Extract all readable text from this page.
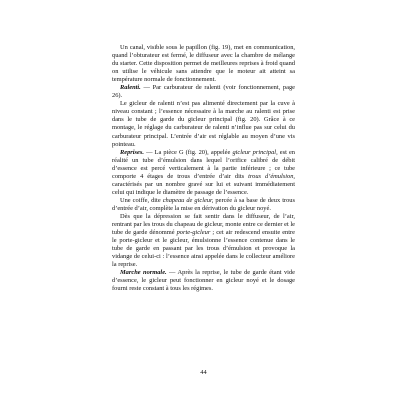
Un canal, visible sous le papillon (fig. 19), met en communication, quand l’obturateur est fermé, le diffuseur avec la chambre de mélange du starter. Cette disposition permet de meilleures reprises à froid quand on utilise le véhicule sans attendre que le moteur ait atteint sa température normale de fonctionnement.

Ralenti. — Par carburateur de ralenti (voir fonctionnement, page 26).

Le gicleur de ralenti n’est pas alimenté directement par la cuve à niveau constant ; l’essence nécessaire à la marche au ralenti est prise dans le tube de garde du gicleur principal (fig. 20). Grâce à ce montage, le réglage du carburateur de ralenti n’influe pas sur celui du carburateur principal. L’entrée d’air est réglable au moyen d’une vis pointeau.

Reprises. — La pièce G (fig. 20), appelée gicleur principal, est en réalité un tube d’émulsion dans lequel l’orifice calibré de débit d’essence est percé verticalement à la partie inférieure ; ce tube comporte 4 étages de trous d’entrée d’air dits trous d’émulsion, caractérisés par un nombre gravé sur lui et suivant immédiatement celui qui indique le diamètre de passage de l’essence.

Une coiffe, dite chapeau de gicleur, percée à sa base de deux trous d’entrée d’air, complète la mise en dérivation du gicleur noyé.

Dès que la dépression se fait sentir dans le diffuseur, de l’air, rentrant par les trous du chapeau de gicleur, monte entre ce dernier et le tube de garde dénommé porte-gicleur ; cet air redescend ensuite entre le porte-gicleur et le gicleur, émulsionne l’essence contenue dans le tube de garde en passant par les trous d’émulsion et provoque la vidange de celui-ci : l’essence ainsi appelée dans le collecteur améliore la reprise.

Marche normale. — Après la reprise, le tube de garde étant vide d’essence, le gicleur peut fonctionner en gicleur noyé et le dosage fourni reste constant à tous les régimes.

44
